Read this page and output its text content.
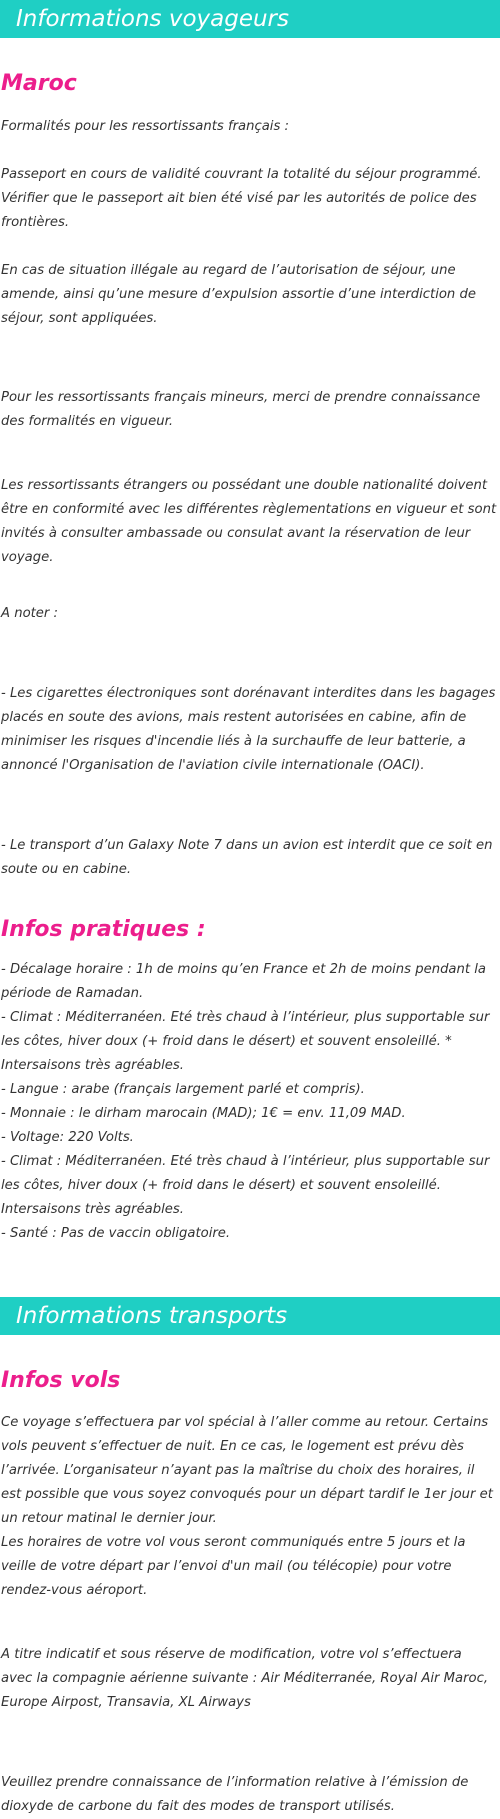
Informations voyageurs
Maroc

Formalités pour les ressortissants français :

Passeport en cours de validité couvrant la totalité du séjour programmé. Vérifier que le passeport ait bien été visé par les autorités de police des frontières.

En cas de situation illégale au regard de l’autorisation de séjour, une amende, ainsi qu’une mesure d’expulsion assortie d’une interdiction de séjour, sont appliquées.

Pour les ressortissants français mineurs, merci de prendre connaissance des formalités en vigueur.

Les ressortissants étrangers ou possédant une double nationalité doivent être en conformité avec les différentes règlementations en vigueur et sont invités à consulter ambassade ou consulat avant la réservation de leur voyage.

A noter :

- Les cigarettes électroniques sont dorénavant interdites dans les bagages placés en soute des avions, mais restent autorisées en cabine, afin de minimiser les risques d'incendie liés à la surchauffe de leur batterie, a annoncé l'Organisation de l'aviation civile internationale (OACI).

- Le transport d’un Galaxy Note 7 dans un avion est interdit que ce soit en soute ou en cabine.

Infos pratiques :

- Décalage horaire : 1h de moins qu’en France et 2h de moins pendant la période de Ramadan.

- Climat : Méditerranéen. Eté très chaud à l’intérieur, plus supportable sur les côtes, hiver doux (+ froid dans le désert) et souvent ensoleillé. * Intersaisons très agréables.

- Langue : arabe (français largement parlé et compris).

- Monnaie : le dirham marocain (MAD); 1€ = env. 11,09 MAD.

- Voltage: 220 Volts.

- Climat : Méditerranéen. Eté très chaud à l’intérieur, plus supportable sur les côtes, hiver doux (+ froid dans le désert) et souvent ensoleillé. Intersaisons très agréables.

- Santé : Pas de vaccin obligatoire.

Informations transports
Infos vols

Ce voyage s’effectuera par vol spécial à l’aller comme au retour. Certains vols peuvent s’effectuer de nuit. En ce cas, le logement est prévu dès l’arrivée. L’organisateur n’ayant pas la maîtrise du choix des horaires, il est possible que vous soyez convoqués pour un départ tardif le 1er jour et un retour matinal le dernier jour.

Les horaires de votre vol vous seront communiqués entre 5 jours et la veille de votre départ par l’envoi d'un mail (ou télécopie) pour votre rendez-vous aéroport.

A titre indicatif et sous réserve de modification, votre vol s’effectuera avec la compagnie aérienne suivante : Air Méditerranée, Royal Air Maroc, Europe Airpost, Transavia, XL Airways

Veuillez prendre connaissance de l’information relative à l’émission de dioxyde de carbone du fait des modes de transport utilisés.
